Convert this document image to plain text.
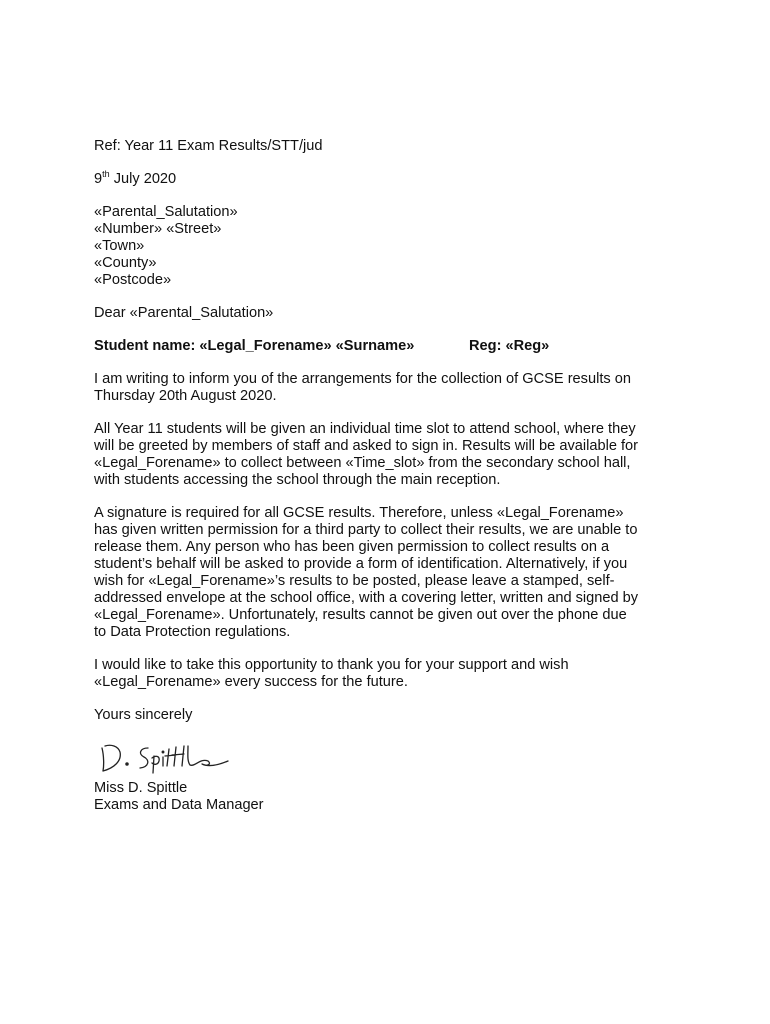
Ref: Year 11 Exam Results/STT/jud

9th July 2020

«Parental_Salutation»
«Number» «Street»
«Town»
«County»
«Postcode»

Dear «Parental_Salutation»

Student name: «Legal_Forename» «Surname»	Reg: «Reg»

I am writing to inform you of the arrangements for the collection of GCSE results on
Thursday 20th August 2020.

All Year 11 students will be given an individual time slot to attend school, where they
will be greeted by members of staff and asked to sign in. Results will be available for
«Legal_Forename» to collect between «Time_slot» from the secondary school hall,
with students accessing the school through the main reception.

A signature is required for all GCSE results. Therefore, unless «Legal_Forename»
has given written permission for a third party to collect their results, we are unable to
release them. Any person who has been given permission to collect results on a
student’s behalf will be asked to provide a form of identification. Alternatively, if you
wish for «Legal_Forename»’s results to be posted, please leave a stamped, self-
addressed envelope at the school office, with a covering letter, written and signed by
«Legal_Forename». Unfortunately, results cannot be given out over the phone due
to Data Protection regulations.

I would like to take this opportunity to thank you for your support and wish
«Legal_Forename» every success for the future.

Yours sincerely

Miss D. Spittle
Exams and Data Manager
